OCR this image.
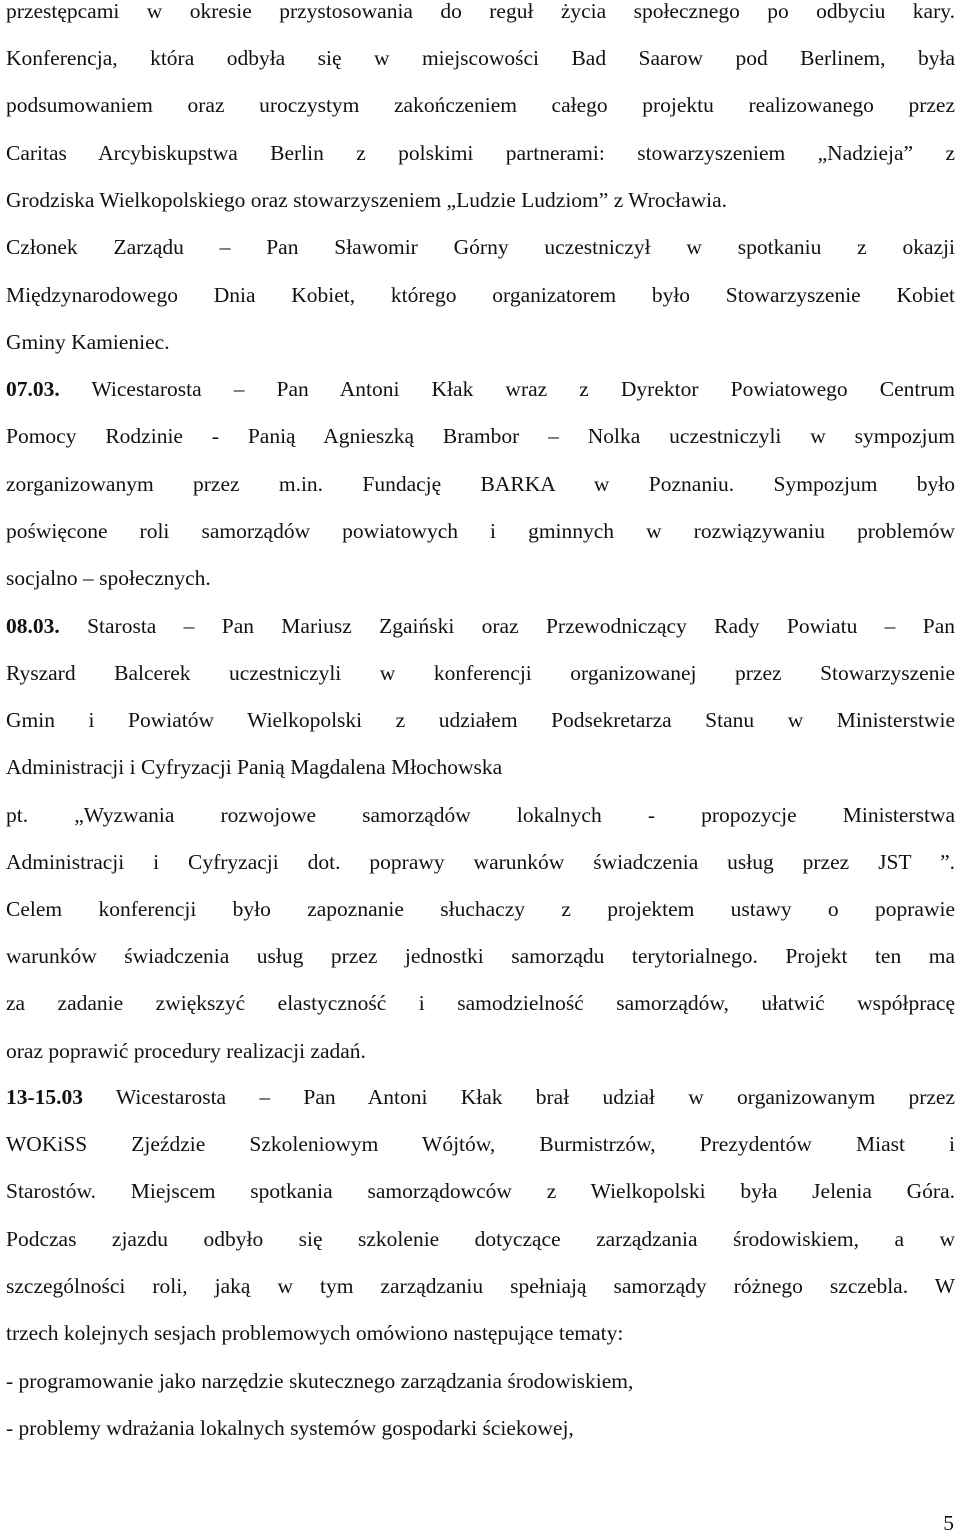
przestępcami w okresie przystosowania do reguł życia społecznego po odbyciu kary.
Konferencja, która odbyła się w miejscowości Bad Saarow pod Berlinem, była
podsumowaniem oraz uroczystym zakończeniem całego projektu realizowanego przez
Caritas Arcybiskupstwa Berlin z polskimi partnerami: stowarzyszeniem „Nadzieja” z
Grodziska Wielkopolskiego oraz stowarzyszeniem „Ludzie Ludziom” z Wrocławia.
Członek Zarządu – Pan Sławomir Górny uczestniczył w spotkaniu z okazji
Międzynarodowego Dnia Kobiet, którego organizatorem było Stowarzyszenie Kobiet
Gminy Kamieniec.
07.03. Wicestarosta – Pan Antoni Kłak wraz z Dyrektor Powiatowego Centrum
Pomocy Rodzinie - Panią Agnieszką Brambor – Nolka uczestniczyli w sympozjum
zorganizowanym przez m.in. Fundację BARKA w Poznaniu. Sympozjum było
poświęcone roli samorządów powiatowych i gminnych w rozwiązywaniu problemów
socjalno – społecznych.
08.03. Starosta – Pan Mariusz Zgaiński oraz Przewodniczący Rady Powiatu – Pan
Ryszard Balcerek uczestniczyli w konferencji organizowanej przez Stowarzyszenie
Gmin i Powiatów Wielkopolski z udziałem Podsekretarza Stanu w Ministerstwie
Administracji i Cyfryzacji Panią Magdalena Młochowska
pt. „Wyzwania rozwojowe samorządów lokalnych - propozycje Ministerstwa
Administracji i Cyfryzacji dot. poprawy warunków świadczenia usług przez JST ”.
Celem konferencji było zapoznanie słuchaczy z projektem ustawy o poprawie
warunków świadczenia usług przez jednostki samorządu terytorialnego. Projekt ten ma
za zadanie zwiększyć elastyczność i samodzielność samorządów, ułatwić współpracę
oraz poprawić procedury realizacji zadań.
13-15.03 Wicestarosta – Pan Antoni Kłak brał udział w organizowanym przez
WOKiSS Zjeździe Szkoleniowym Wójtów, Burmistrzów, Prezydentów Miast i
Starostów. Miejscem spotkania samorządowców z Wielkopolski była Jelenia Góra.
Podczas zjazdu odbyło się szkolenie dotyczące zarządzania środowiskiem, a w
szczególności roli, jaką w tym zarządzaniu spełniają samorządy różnego szczebla. W
trzech kolejnych sesjach problemowych omówiono następujące tematy:
- programowanie jako narzędzie skutecznego zarządzania środowiskiem,
- problemy wdrażania lokalnych systemów gospodarki ściekowej,
5
